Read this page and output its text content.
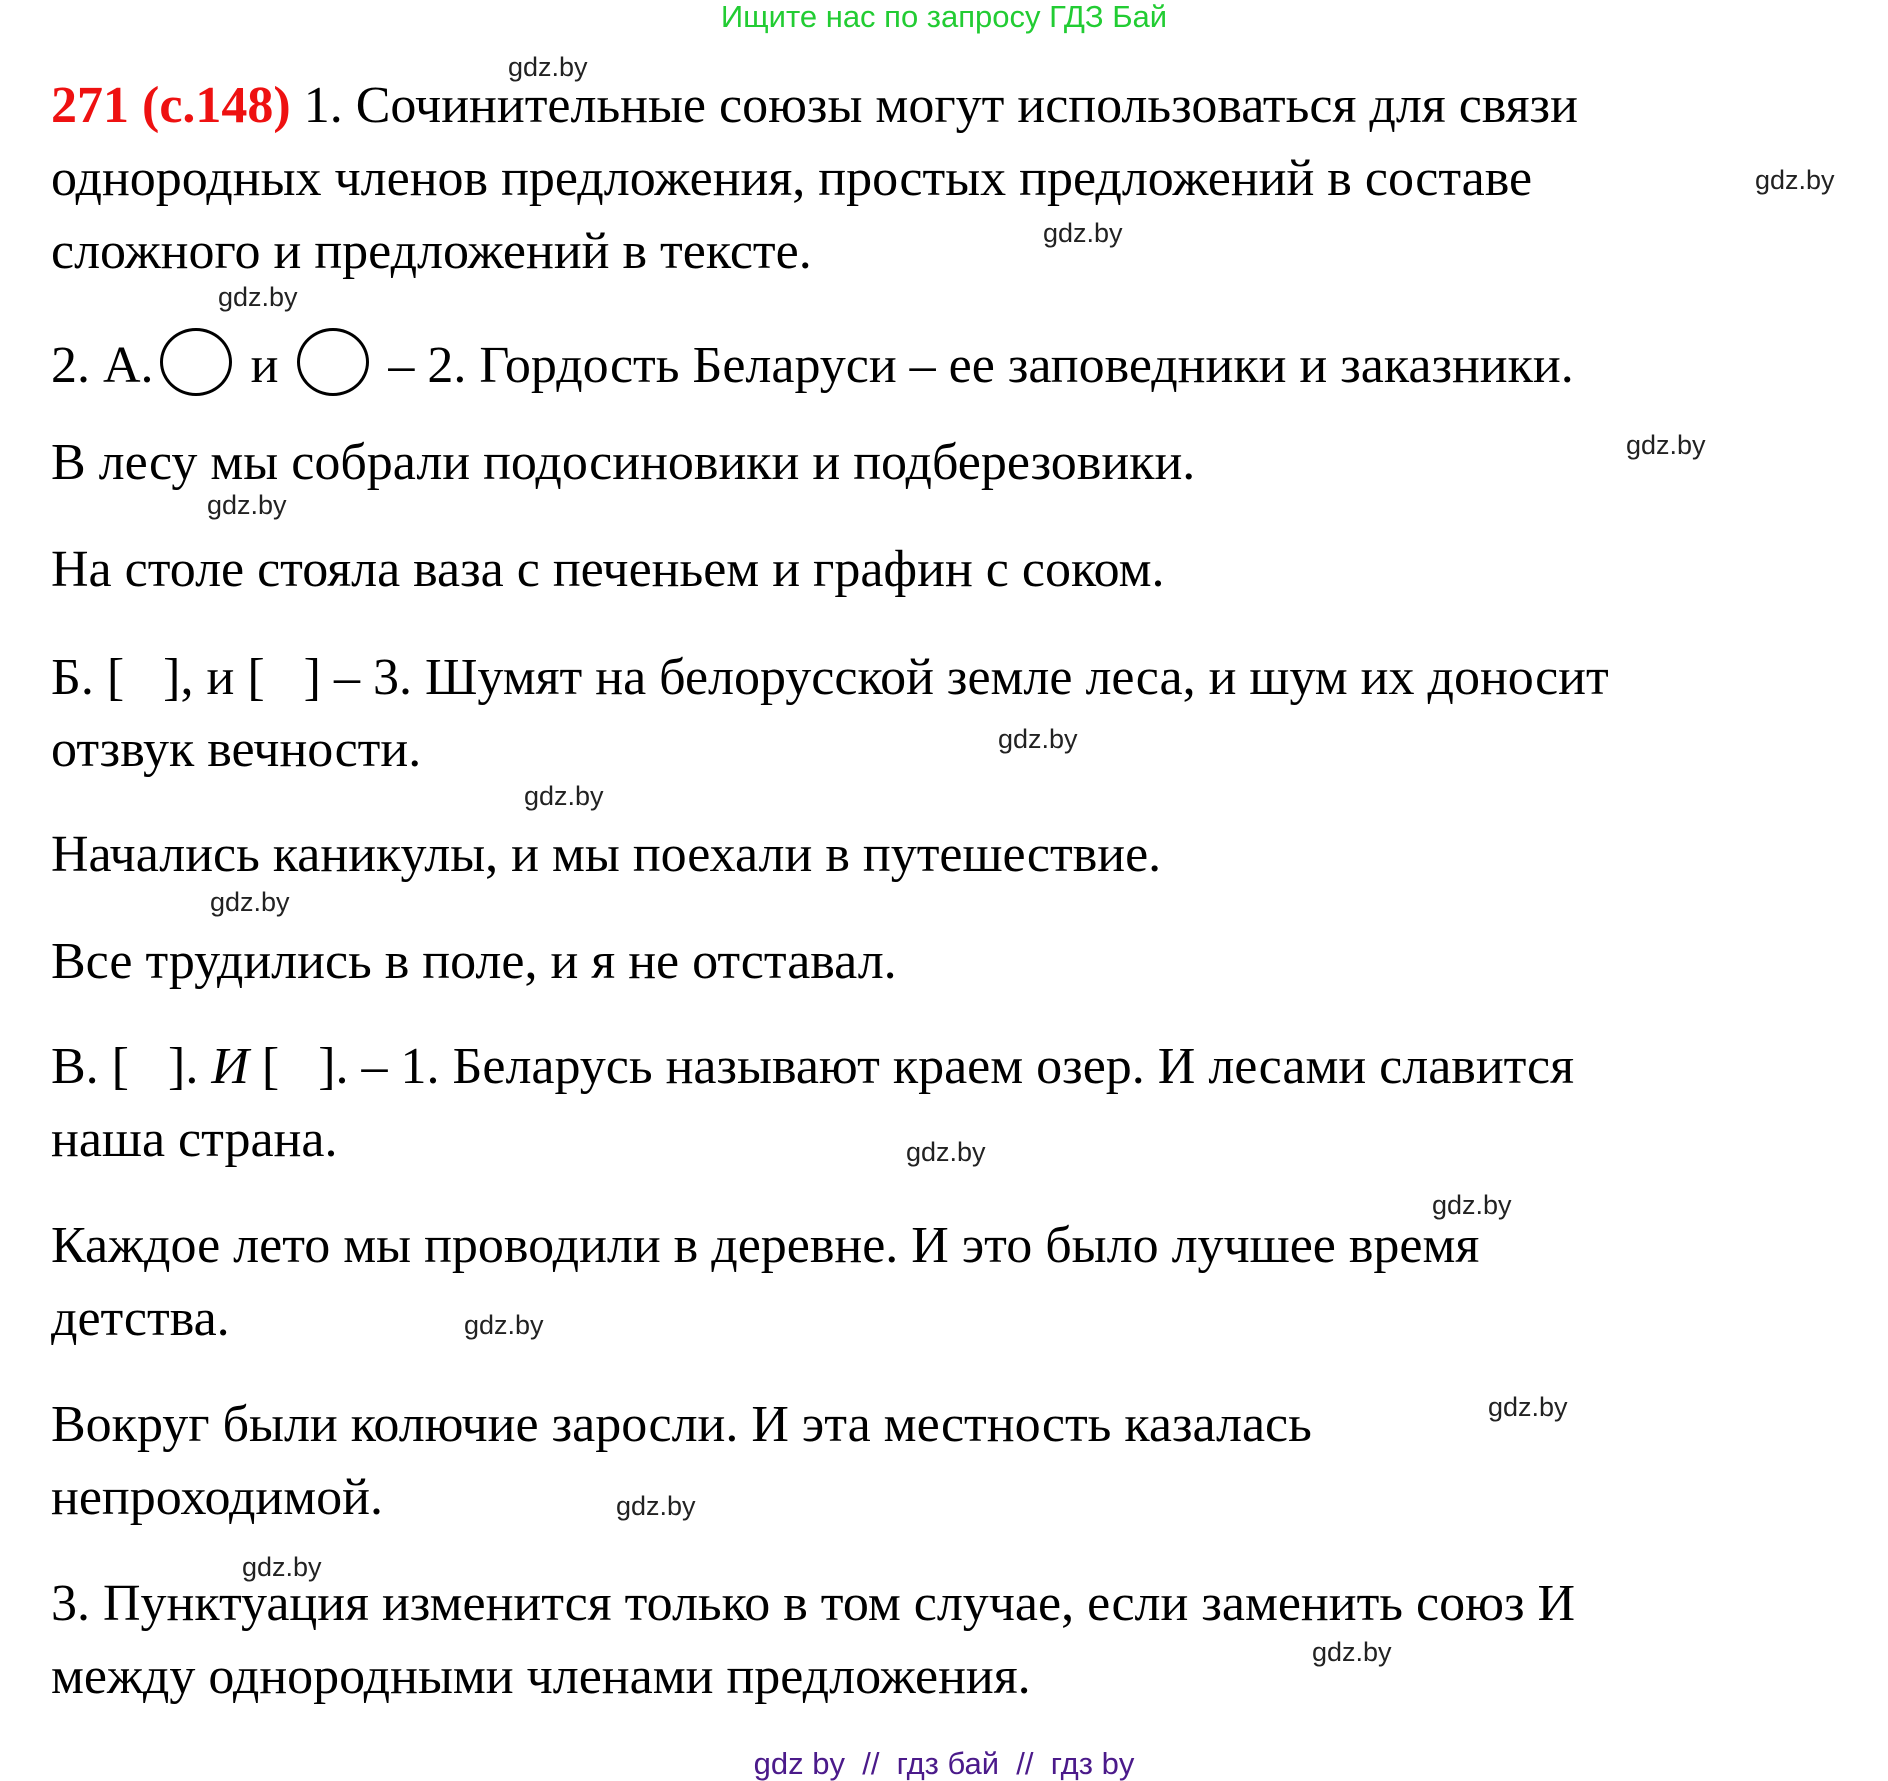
Ищите нас по запросу ГДЗ Бай
271 (с.148) 1. Сочинительные союзы могут использоваться для связи
однородных членов предложения, простых предложений в составе
сложного и предложений в тексте.
2. А. и – 2. Гордость Беларуси – ее заповедники и заказники.
В лесу мы собрали подосиновики и подберезовики.
На столе стояла ваза с печеньем и графин с соком.
Б. [   ], и [   ] – 3. Шумят на белорусской земле леса, и шум их доносит
отзвук вечности.
Начались каникулы, и мы поехали в путешествие.
Все трудились в поле, и я не отставал.
В. [   ]. И [   ]. – 1. Беларусь называют краем озер. И лесами славится
наша страна.
Каждое лето мы проводили в деревне. И это было лучшее время
детства.
Вокруг были колючие заросли. И эта местность казалась
непроходимой.
3. Пунктуация изменится только в том случае, если заменить союз И
между однородными членами предложения.
gdz.by
gdz.by
gdz.by
gdz.by
gdz.by
gdz.by
gdz.by
gdz.by
gdz.by
gdz.by
gdz.by
gdz.by
gdz.by
gdz.by
gdz.by
gdz.by
gdz by  //  гдз бай  //  гдз by
